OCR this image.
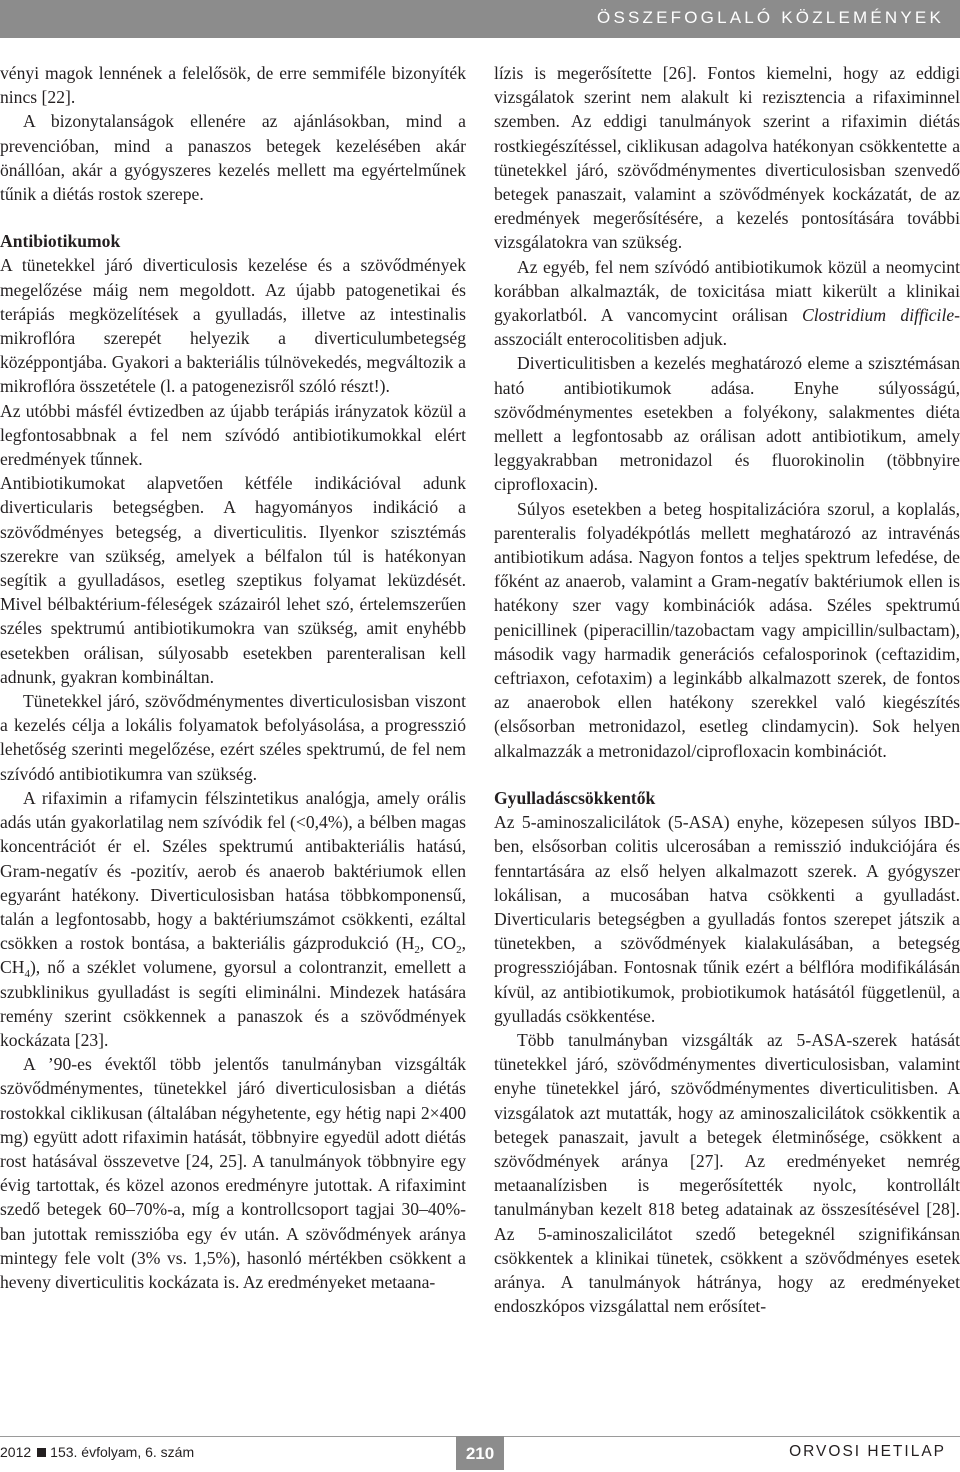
ÖSSZEFOGLALÓ KÖZLEMÉNYEK

vényi magok lennének a felelősök, de erre semmiféle bizonyíték nincs [22].

A bizonytalanságok ellenére az ajánlásokban, mind a prevencióban, mind a panaszos betegek kezelésében akár önállóan, akár a gyógyszeres kezelés mellett ma egyértelműnek tűnik a diétás rostok szerepe.

Antibiotikumok

A tünetekkel járó diverticulosis kezelése és a szövődmények megelőzése máig nem megoldott. Az újabb patogenetikai és terápiás megközelítések a gyulladás, illetve az intestinalis mikroflóra szerepét helyezik a diverticulumbetegség középpontjába. Gyakori a bakteriális túlnövekedés, megváltozik a mikroflóra összetétele (l. a patogenezisről szóló részt!).

Az utóbbi másfél évtizedben az újabb terápiás irányzatok közül a legfontosabbnak a fel nem szívódó antibiotikumokkal elért eredmények tűnnek.

Antibiotikumokat alapvetően kétféle indikációval adunk diverticularis betegségben. A hagyományos indikáció a szövődményes betegség, a diverticulitis. Ilyenkor szisztémás szerekre van szükség, amelyek a bélfalon túl is hatékonyan segítik a gyulladásos, esetleg szeptikus folyamat leküzdését. Mivel bélbaktérium-féleségek százairól lehet szó, értelemszerűen széles spektrumú antibiotikumokra van szükség, amit enyhébb esetekben orálisan, súlyosabb esetekben parenteralisan kell adnunk, gyakran kombináltan.

Tünetekkel járó, szövődménymentes diverticulosisban viszont a kezelés célja a lokális folyamatok befolyásolása, a progresszió lehetőség szerinti megelőzése, ezért széles spektrumú, de fel nem szívódó antibiotikumra van szükség.

A rifaximin a rifamycin félszintetikus analógja, amely orális adás után gyakorlatilag nem szívódik fel (<0,4%), a bélben magas koncentrációt ér el. Széles spektrumú antibakteriális hatású, Gram-negatív és -pozitív, aerob és anaerob baktériumok ellen egyaránt hatékony. Diverticulosisban hatása többkomponensű, talán a legfontosabb, hogy a baktériumszámot csökkenti, ezáltal csökken a rostok bontása, a bakteriális gázprodukció ($H_2$, $CO_2$, $CH_4$), nő a széklet volumene, gyorsul a colontranzit, emellett a szubklinikus gyulladást is segíti eliminálni. Mindezek hatására remény szerint csökkennek a panaszok és a szövődmények kockázata [23].

A ’90-es évektől több jelentős tanulmányban vizsgálták szövődménymentes, tünetekkel járó diverticulosisban a diétás rostokkal ciklikusan (általában négyhetente, egy hétig napi 2×400 mg) együtt adott rifaximin hatását, többnyire egyedül adott diétás rost hatásával összevetve [24, 25]. A tanulmányok többnyire egy évig tartottak, és közel azonos eredményre jutottak. A rifaximint szedő betegek 60–70%-a, míg a kontrollcsoport tagjai 30–40%-ban jutottak remisszióba egy év után. A szövődmények aránya mintegy fele volt (3% vs. 1,5%), hasonló mértékben csökkent a heveny diverticulitis kockázata is. Az eredményeket metaana-

lízis is megerősítette [26]. Fontos kiemelni, hogy az eddigi vizsgálatok szerint nem alakult ki rezisztencia a rifaximinnel szemben. Az eddigi tanulmányok szerint a rifaximin diétás rostkiegészítéssel, ciklikusan adagolva hatékonyan csökkentette a tünetekkel járó, szövődménymentes diverticulosisban szenvedő betegek panaszait, valamint a szövődmények kockázatát, de az eredmények megerősítésére, a kezelés pontosítására további vizsgálatokra van szükség.

Az egyéb, fel nem szívódó antibiotikumok közül a neomycint korábban alkalmazták, de toxicitása miatt kikerült a klinikai gyakorlatból. A vancomycint orálisan Clostridium difficile-asszociált enterocolitisben adjuk.

Diverticulitisben a kezelés meghatározó eleme a szisztémásan ható antibiotikumok adása. Enyhe súlyosságú, szövődménymentes esetekben a folyékony, salakmentes diéta mellett a legfontosabb az orálisan adott antibiotikum, amely leggyakrabban metronidazol és fluorokinolin (többnyire ciprofloxacin).

Súlyos esetekben a beteg hospitalizációra szorul, a koplalás, parenteralis folyadékpótlás mellett meghatározó az intravénás antibiotikum adása. Nagyon fontos a teljes spektrum lefedése, de főként az anaerob, valamint a Gram-negatív baktériumok ellen is hatékony szer vagy kombinációk adása. Széles spektrumú penicillinek (piperacillin/tazobactam vagy ampicillin/sulbactam), második vagy harmadik generációs cefalosporinok (ceftazidim, ceftriaxon, cefotaxim) a leginkább alkalmazott szerek, de fontos az anaerobok ellen hatékony szerekkel való kiegészítés (elsősorban metronidazol, esetleg clindamycin). Sok helyen alkalmazzák a metronidazol/ciprofloxacin kombinációt.

Gyulladáscsökkentők

Az 5-aminoszalicilátok (5-ASA) enyhe, közepesen súlyos IBD-ben, elsősorban colitis ulcerosában a remisszió indukciójára és fenntartására az első helyen alkalmazott szerek. A gyógyszer lokálisan, a mucosában hatva csökkenti a gyulladást. Diverticularis betegségben a gyulladás fontos szerepet játszik a tünetekben, a szövődmények kialakulásában, a betegség progressziójában. Fontosnak tűnik ezért a bélflóra modifikálásán kívül, az antibiotikumok, probiotikumok hatásától függetlenül, a gyulladás csökkentése.

Több tanulmányban vizsgálták az 5-ASA-szerek hatását tünetekkel járó, szövődménymentes diverticulosisban, valamint enyhe tünetekkel járó, szövődménymentes diverticulitisben. A vizsgálatok azt mutatták, hogy az aminoszalicilátok csökkentik a betegek panaszait, javult a betegek életminősége, csökkent a szövődmények aránya [27]. Az eredményeket nemrég metaanalízisben is megerősítették nyolc, kontrollált tanulmányban kezelt 818 beteg adatainak az összesítésével [28]. Az 5-aminoszalicilátot szedő betegeknél szignifikánsan csökkentek a klinikai tünetek, csökkent a szövődményes esetek aránya. A tanulmányok hátránya, hogy az eredményeket endoszkópos vizsgálattal nem erősítet-

2012 153. évfolyam, 6. szám	210	ORVOSI HETILAP
